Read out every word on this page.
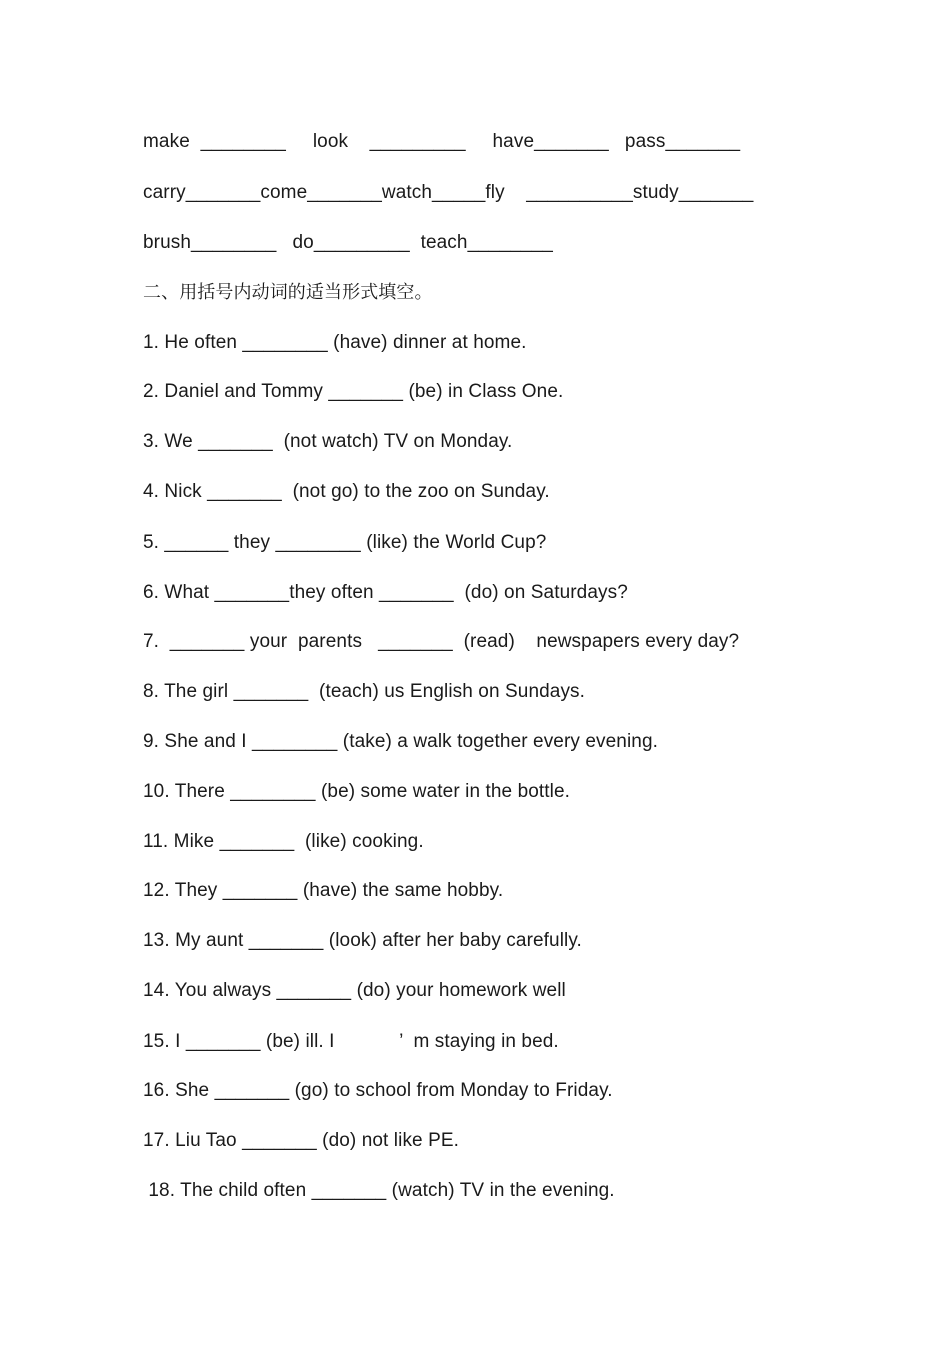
make  ________     look    _________     have_______   pass_______
carry_______come_______watch_____fly    __________study_______
brush________   do_________  teach________
二、用括号内动词的适当形式填空。
1. He often ________ (have) dinner at home.
2. Daniel and Tommy _______ (be) in Class One.
3. We _______  (not watch) TV on Monday.
4. Nick _______  (not go) to the zoo on Sunday.
5. ______ they ________ (like) the World Cup?
6. What _______they often _______  (do) on Saturdays?
7.  _______ your  parents   _______  (read)    newspapers every day?
8. The girl _______  (teach) us English on Sundays.
9. She and I ________ (take) a walk together every evening.
10. There ________ (be) some water in the bottle.
11. Mike _______  (like) cooking.
12. They _______ (have) the same hobby.
13. My aunt _______ (look) after her baby carefully.
14. You always _______ (do) your homework well
15. I _______ (be) ill. I            ’  m staying in bed.
16. She _______ (go) to school from Monday to Friday.
17. Liu Tao _______ (do) not like PE.
18. The child often _______ (watch) TV in the evening.
